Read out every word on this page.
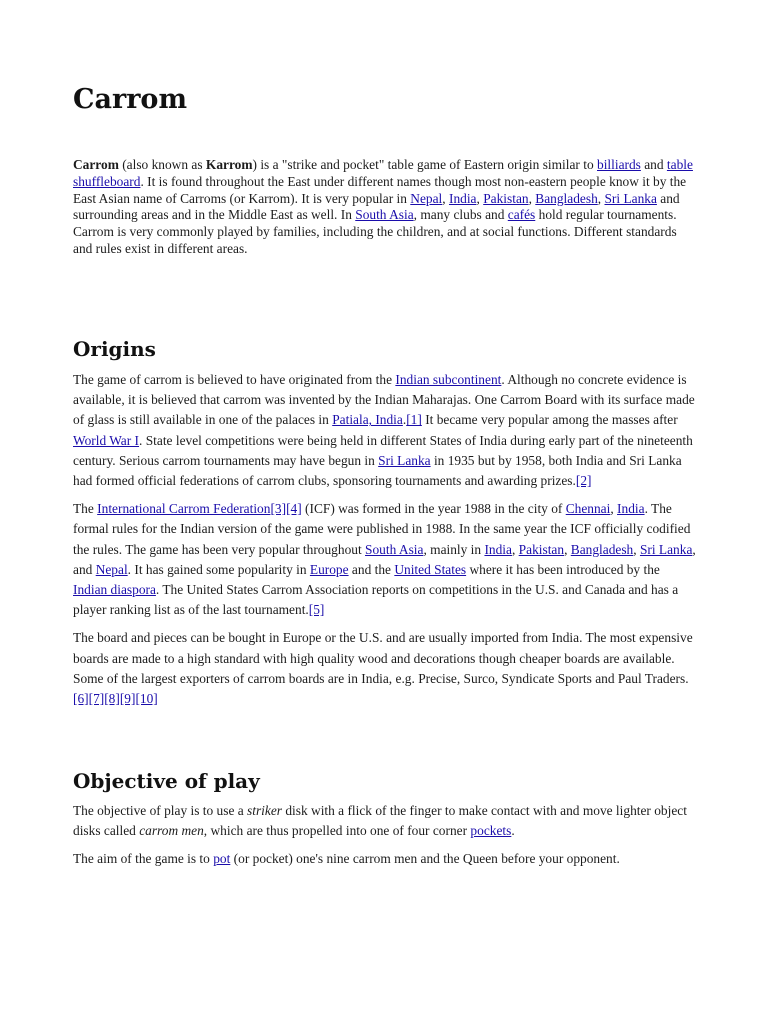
Carrom

Carrom (also known as Karrom) is a "strike and pocket" table game of Eastern origin similar to billiards and table shuffleboard. It is found throughout the East under different names though most non-eastern people know it by the East Asian name of Carroms (or Karrom). It is very popular in Nepal, India, Pakistan, Bangladesh, Sri Lanka and surrounding areas and in the Middle East as well. In South Asia, many clubs and cafés hold regular tournaments. Carrom is very commonly played by families, including the children, and at social functions. Different standards and rules exist in different areas.

Origins

The game of carrom is believed to have originated from the Indian subcontinent. Although no concrete evidence is available, it is believed that carrom was invented by the Indian Maharajas. One Carrom Board with its surface made of glass is still available in one of the palaces in Patiala, India.[1] It became very popular among the masses after World War I. State level competitions were being held in different States of India during early part of the nineteenth century. Serious carrom tournaments may have begun in Sri Lanka in 1935 but by 1958, both India and Sri Lanka had formed official federations of carrom clubs, sponsoring tournaments and awarding prizes.[2]

The International Carrom Federation[3][4] (ICF) was formed in the year 1988 in the city of Chennai, India. The formal rules for the Indian version of the game were published in 1988. In the same year the ICF officially codified the rules. The game has been very popular throughout South Asia, mainly in India, Pakistan, Bangladesh, Sri Lanka, and Nepal. It has gained some popularity in Europe and the United States where it has been introduced by the Indian diaspora. The United States Carrom Association reports on competitions in the U.S. and Canada and has a player ranking list as of the last tournament.[5]

The board and pieces can be bought in Europe or the U.S. and are usually imported from India. The most expensive boards are made to a high standard with high quality wood and decorations though cheaper boards are available. Some of the largest exporters of carrom boards are in India, e.g. Precise, Surco, Syndicate Sports and Paul Traders.[6][7][8][9][10]

Objective of play

The objective of play is to use a striker disk with a flick of the finger to make contact with and move lighter object disks called carrom men, which are thus propelled into one of four corner pockets.

The aim of the game is to pot (or pocket) one's nine carrom men and the Queen before your opponent.
